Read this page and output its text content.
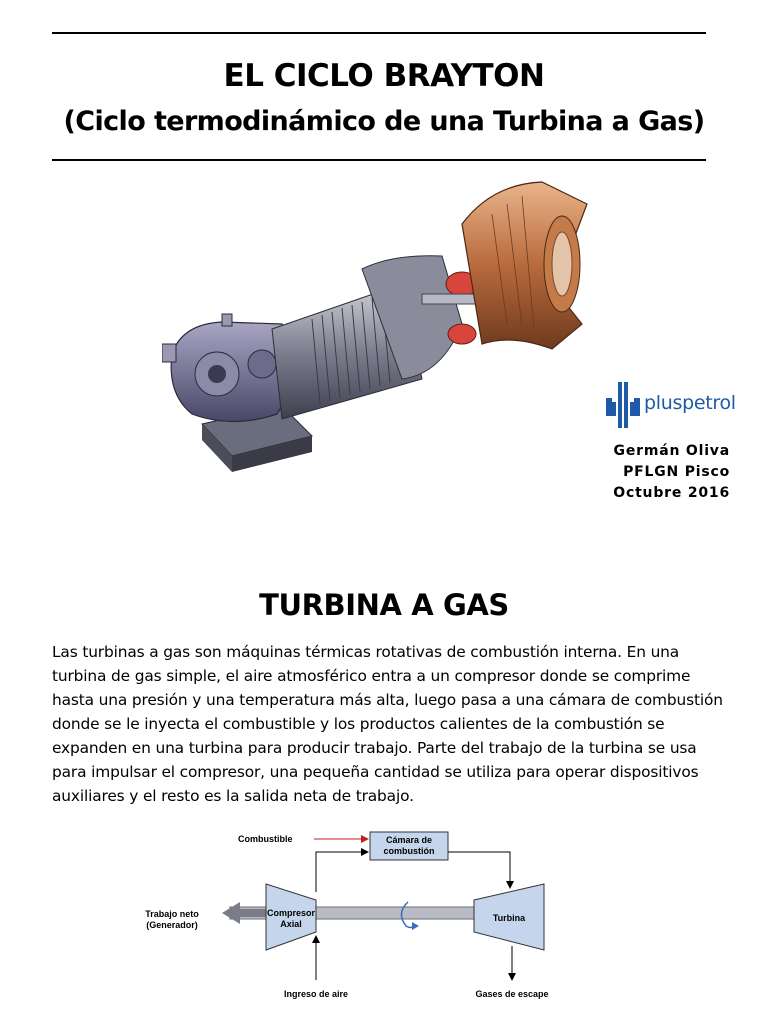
EL CICLO BRAYTON
(Ciclo termodinámico de una Turbina a Gas)
pluspetrol
Germán Oliva
PFLGN Pisco
Octubre 2016
TURBINA A GAS

Las turbinas a gas son máquinas térmicas rotativas de combustión interna. En una turbina de gas simple, el aire atmosférico entra a un compresor donde se comprime hasta una presión y una temperatura más alta, luego pasa a una cámara de combustión donde se le inyecta el combustible y los productos calientes de la combustión se expanden en una turbina para producir trabajo. Parte del trabajo de la turbina se usa para impulsar el compresor, una pequeña cantidad se utiliza para operar dispositivos auxiliares y el resto es la salida neta de trabajo.

Cámara de
combustión
Combustible
Compresor
Axial
Turbina
Trabajo neto
(Generador)
Ingreso de aire	Gases de escape
